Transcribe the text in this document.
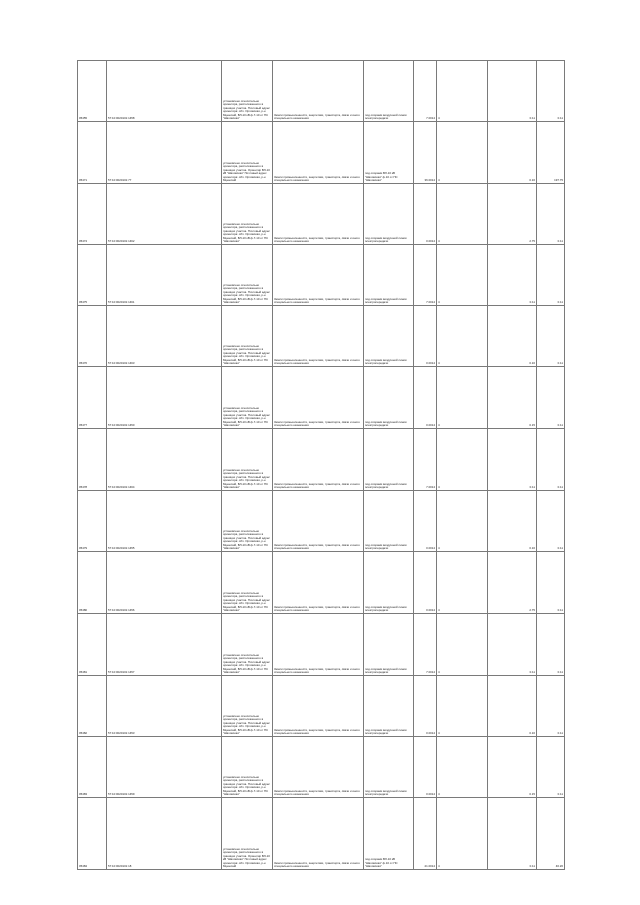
05455	57:10:0020101:1458	установлено относительно ориентира, расположенного в границах участка. Почтовый адрес ориентира: обл. Орловская, р-н Мценский, ВЛ-10 кВ ф.Г-10 от ПС "Шаховская"	Земли промышленности, энергетики, транспорта, связи и иного специального назначения	под опорами воздушной линии электропередачи	7.0014	4	0.11	0.11
05471	57:10:0020101:77	установлено относительно ориентира, расположенного в границах участка. Ориентир ВЛ-10 кВ "Шаховская" Почтовый адрес ориентира: обл. Орловская, р-н Мценский	Земли промышленности, энергетики, транспорта, связи и иного специального назначения	под опорами ВЛ-10 кВ "Шаховская" ф.10 от ПС "Шаховская"	36.0014	4	0.16	197.75
05474	57:10:0020101:1462	установлено относительно ориентира, расположенного в границах участка. Почтовый адрес ориентира: обл. Орловская, р-н Мценский, ВЛ-10 кВ ф.Г-10 от ПС "Шаховская"	Земли промышленности, энергетики, транспорта, связи и иного специального назначения	под опорами воздушной линии электропередачи	0.0014	4	2.75	0.11
05475	57:10:0020101:1461	установлено относительно ориентира, расположенного в границах участка. Почтовый адрес ориентира: обл. Орловская, р-н Мценский, ВЛ-10 кВ ф.Г-10 от ПС "Шаховская"	Земли промышленности, энергетики, транспорта, связи и иного специального назначения	под опорами воздушной линии электропередачи	7.0014	4	0.11	0.11
05476	57:10:0020101:1463	установлено относительно ориентира, расположенного в границах участка. Почтовый адрес ориентира: обл. Орловская, р-н Мценский, ВЛ-10 кВ ф.Г-10 от ПС "Шаховская"	Земли промышленности, энергетики, транспорта, связи и иного специального назначения	под опорами воздушной линии электропередачи	0.0014	4	0.16	0.11
05477	57:10:0020101:1450	установлено относительно ориентира, расположенного в границах участка. Почтовый адрес ориентира: обл. Орловская, р-н Мценский, ВЛ-10 кВ ф.Г-10 от ПС "Шаховская"	Земли промышленности, энергетики, транспорта, связи и иного специального назначения	под опорами воздушной линии электропередачи	0.0014	4	0.15	0.11
05478	57:10:0020101:1464	установлено относительно ориентира, расположенного в границах участка. Почтовый адрес ориентира: обл. Орловская, р-н Мценский, ВЛ-10 кВ ф.Г-10 от ПС "Шаховская"	Земли промышленности, энергетики, транспорта, связи и иного специального назначения	под опорами воздушной линии электропередачи	7.0014	4	0.11	0.11
05479	57:10:0020101:1455	установлено относительно ориентира, расположенного в границах участка. Почтовый адрес ориентира: обл. Орловская, р-н Мценский, ВЛ-10 кВ ф.Г-10 от ПС "Шаховская"	Земли промышленности, энергетики, транспорта, связи и иного специального назначения	под опорами воздушной линии электропередачи	0.0014	4	0.16	0.11
05480	57:10:0020101:1456	установлено относительно ориентира, расположенного в границах участка. Почтовый адрес ориентира: обл. Орловская, р-н Мценский, ВЛ-10 кВ ф.Г-10 от ПС "Шаховская"	Земли промышленности, энергетики, транспорта, связи и иного специального назначения	под опорами воздушной линии электропередачи	0.0014	4	2.75	0.11
05481	57:10:0020101:1457	установлено относительно ориентира, расположенного в границах участка. Почтовый адрес ориентира: обл. Орловская, р-н Мценский, ВЛ-10 кВ ф.Г-10 от ПС "Шаховская"	Земли промышленности, энергетики, транспорта, связи и иного специального назначения	под опорами воздушной линии электропередачи	7.0014	4	0.11	0.11
05482	57:10:0020101:1453	установлено относительно ориентира, расположенного в границах участка. Почтовый адрес ориентира: обл. Орловская, р-н Мценский, ВЛ-10 кВ ф.Г-10 от ПС "Шаховская"	Земли промышленности, энергетики, транспорта, связи и иного специального назначения	под опорами воздушной линии электропередачи	0.0014	4	0.16	0.11
05483	57:10:0020101:1459	установлено относительно ориентира, расположенного в границах участка. Почтовый адрес ориентира: обл. Орловская, р-н Мценский, ВЛ-10 кВ ф.Г-10 от ПС "Шаховская"	Земли промышленности, энергетики, транспорта, связи и иного специального назначения	под опорами воздушной линии электропередачи	0.0014	4	0.15	0.11
05484	57:10:0020101:18	установлено относительно ориентира, расположенного в границах участка. Ориентир ВЛ-10 кВ "Шаховская" Почтовый адрес ориентира: обл. Орловская, р-н Мценский	Земли промышленности, энергетики, транспорта, связи и иного специального назначения	под опорами ВЛ-10 кВ "Шаховская" ф.10 от ПС "Шаховская"	21.0014	4	0.11	46.26
